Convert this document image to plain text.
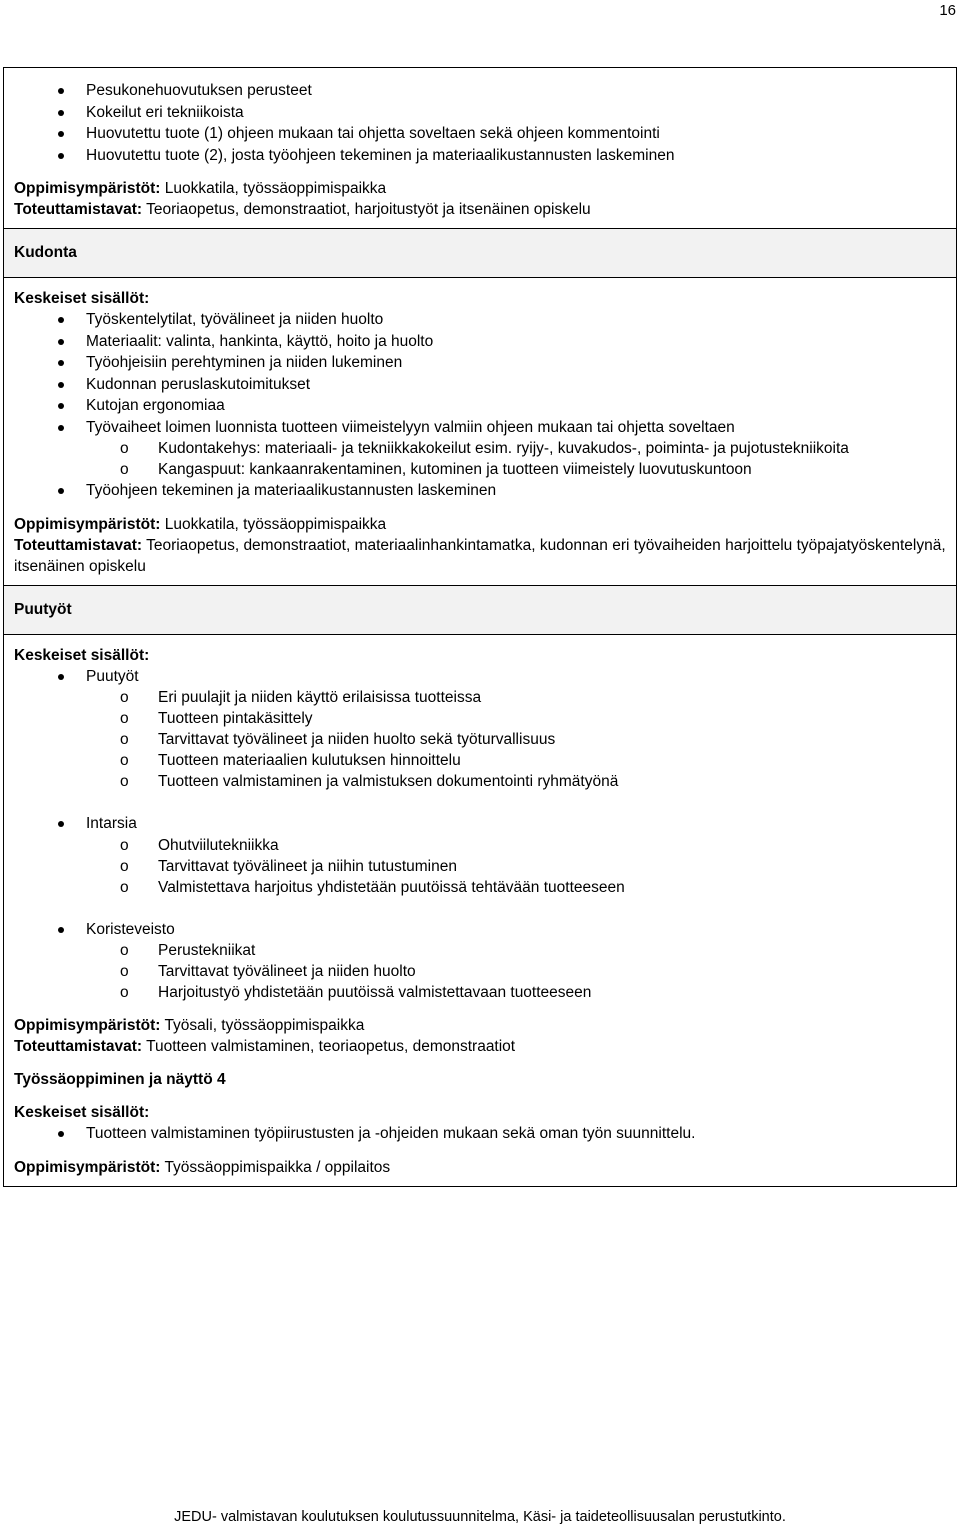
16
Pesukonehuovutuksen perusteet
Kokeilut eri tekniikoista
Huovutettu tuote (1) ohjeen mukaan tai ohjetta soveltaen sekä ohjeen kommentointi
Huovutettu tuote (2), josta työohjeen tekeminen ja materiaalikustannusten laskeminen
Oppimisympäristöt: Luokkatila, työssäoppimispaikka
Toteuttamistavat: Teoriaopetus, demonstraatiot, harjoitustyöt ja itsenäinen opiskelu

Kudonta

Keskeiset sisällöt:
Työskentelytilat, työvälineet ja niiden huolto
Materiaalit: valinta, hankinta, käyttö, hoito ja huolto
Työohjeisiin perehtyminen ja niiden lukeminen
Kudonnan peruslaskutoimitukset
Kutojan ergonomiaa
Työvaiheet loimen luonnista tuotteen viimeistelyyn valmiin ohjeen mukaan tai ohjetta soveltaen
o Kudontakehys: materiaali- ja tekniikkakokeilut esim. ryijy-, kuvakudos-, poiminta- ja pujotustekniikoita
o Kangaspuut: kankaanrakentaminen, kutominen ja tuotteen viimeistely luovutuskuntoon
Työohjeen tekeminen ja materiaalikustannusten laskeminen
Oppimisympäristöt: Luokkatila, työssäoppimispaikka
Toteuttamistavat: Teoriaopetus, demonstraatiot, materiaalinhankintamatka, kudonnan eri työvaiheiden harjoittelu työpajatyöskentelynä, itsenäinen opiskelu

Puutyöt

Keskeiset sisällöt:
Puutyöt
o Eri puulajit ja niiden käyttö erilaisissa tuotteissa
o Tuotteen pintakäsittely
o Tarvittavat työvälineet ja niiden huolto sekä työturvallisuus
o Tuotteen materiaalien kulutuksen hinnoittelu
o Tuotteen valmistaminen ja valmistuksen dokumentointi ryhmätyönä
Intarsia
o Ohutviilutekniikka
o Tarvittavat työvälineet ja niihin tutustuminen
o Valmistettava harjoitus yhdistetään puutöissä tehtävään tuotteeseen
Koristeveisto
o Perustekniikat
o Tarvittavat työvälineet ja niiden huolto
o Harjoitustyö yhdistetään puutöissä valmistettavaan tuotteeseen
Oppimisympäristöt: Työsali, työssäoppimispaikka
Toteuttamistavat: Tuotteen valmistaminen, teoriaopetus, demonstraatiot
Työssäoppiminen ja näyttö 4
Keskeiset sisällöt:
Tuotteen valmistaminen työpiirustusten ja -ohjeiden mukaan sekä oman työn suunnittelu.
Oppimisympäristöt: Työssäoppimispaikka / oppilaitos
JEDU- valmistavan koulutuksen koulutussuunnitelma, Käsi- ja taideteollisuusalan perustutkinto.
